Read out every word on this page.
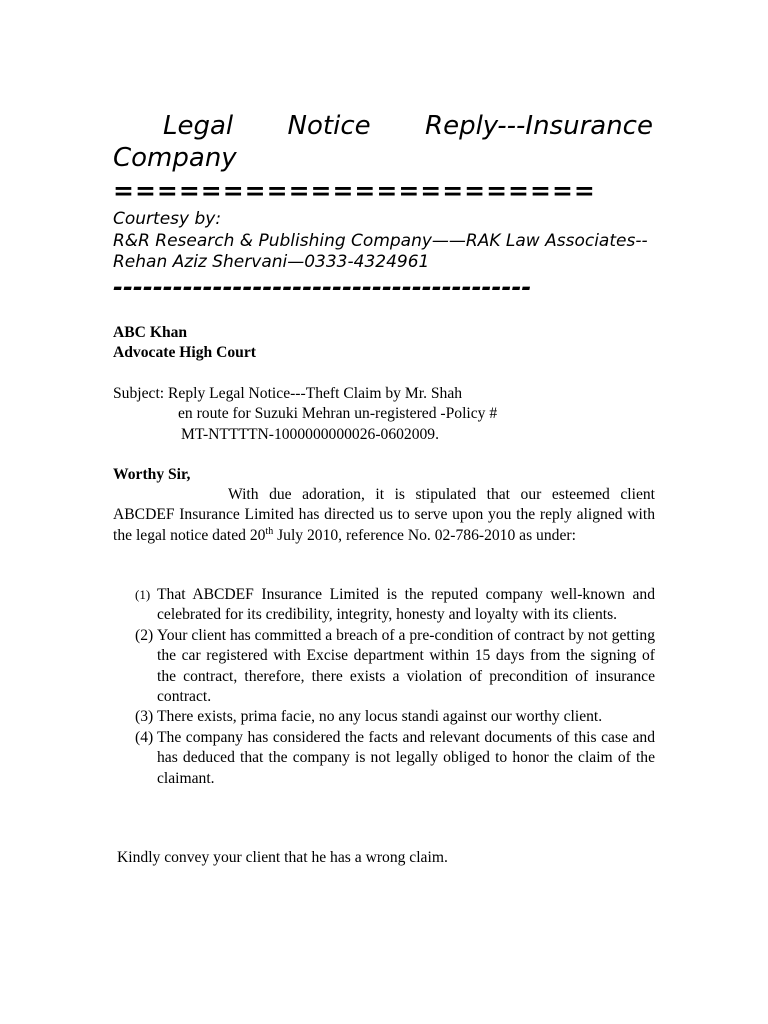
Legal Notice Reply---Insurance
Company
======================
Courtesy by:
R&R Research & Publishing Company——RAK Law Associates--
Rehan Aziz Shervani—0333-4324961
------------------------------------------
ABC Khan
Advocate High Court
Subject: Reply Legal Notice---Theft Claim by Mr. Shah
en route for Suzuki Mehran un-registered -Policy #
MT-NTTTTN-1000000000026-0602009.
Worthy Sir,
With due adoration, it is stipulated that our esteemed client ABCDEF Insurance Limited has directed us to serve upon you the reply aligned with the legal notice dated 20th July 2010, reference No. 02-786-2010 as under:
(1) That ABCDEF Insurance Limited is the reputed company well-known and celebrated for its credibility, integrity, honesty and loyalty with its clients.
(2) Your client has committed a breach of a pre-condition of contract by not getting the car registered with Excise department within 15 days from the signing of the contract, therefore, there exists a violation of precondition of insurance contract.
(3) There exists, prima facie, no any locus standi against our worthy client.
(4) The company has considered the facts and relevant documents of this case and has deduced that the company is not legally obliged to honor the claim of the claimant.
Kindly convey your client that he has a wrong claim.
